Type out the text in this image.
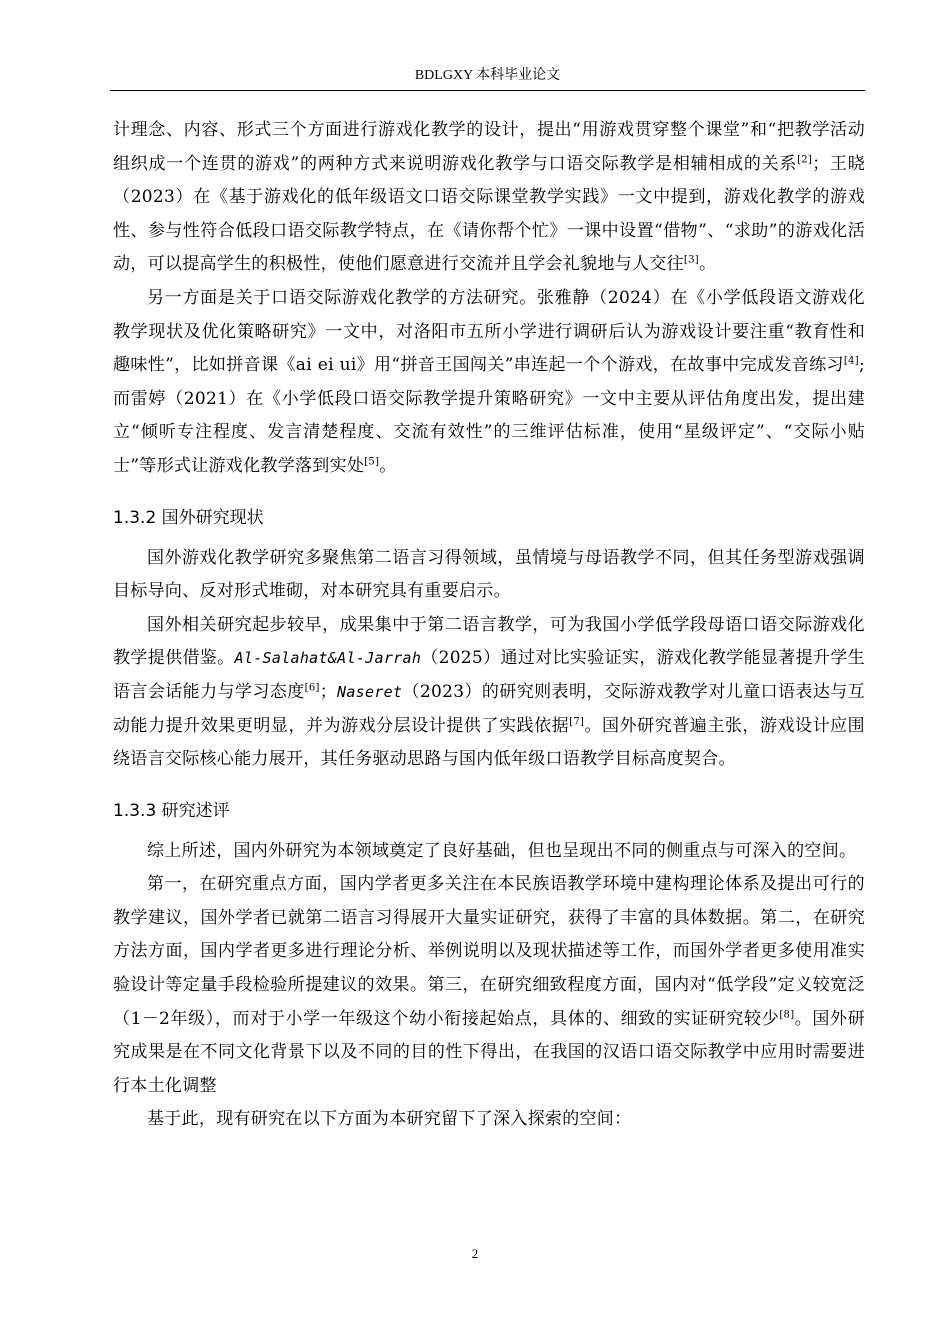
BDLGXY 本科毕业论文

计理念、内容、形式三个方面进行游戏化教学的设计，提出“用游戏贯穿整个课堂”和“把教学活动组织成一个连贯的游戏”的两种方式来说明游戏化教学与口语交际教学是相辅相成的关系[2]；王晓（2023）在《基于游戏化的低年级语文口语交际课堂教学实践》一文中提到，游戏化教学的游戏性、参与性符合低段口语交际教学特点，在《请你帮个忙》一课中设置“借物”、“求助”的游戏化活动，可以提高学生的积极性，使他们愿意进行交流并且学会礼貌地与人交往[3]。

另一方面是关于口语交际游戏化教学的方法研究。张雅静（2024）在《小学低段语文游戏化教学现状及优化策略研究》一文中，对洛阳市五所小学进行调研后认为游戏设计要注重“教育性和趣味性”，比如拼音课《ai ei ui》用“拼音王国闯关”串连起一个个游戏，在故事中完成发音练习[4];而雷婷（2021）在《小学低段口语交际教学提升策略研究》一文中主要从评估角度出发，提出建立“倾听专注程度、发言清楚程度、交流有效性”的三维评估标准，使用“星级评定”、“交际小贴士”等形式让游戏化教学落到实处[5]。

1.3.2 国外研究现状

国外游戏化教学研究多聚焦第二语言习得领域，虽情境与母语教学不同，但其任务型游戏强调目标导向、反对形式堆砌，对本研究具有重要启示。

国外相关研究起步较早，成果集中于第二语言教学，可为我国小学低学段母语口语交际游戏化教学提供借鉴。Al-Salahat&Al-Jarrah（2025）通过对比实验证实，游戏化教学能显著提升学生语言会话能力与学习态度[6]；Naseret（2023）的研究则表明，交际游戏教学对儿童口语表达与互动能力提升效果更明显，并为游戏分层设计提供了实践依据[7]。国外研究普遍主张，游戏设计应围绕语言交际核心能力展开，其任务驱动思路与国内低年级口语教学目标高度契合。

1.3.3 研究述评

综上所述，国内外研究为本领域奠定了良好基础，但也呈现出不同的侧重点与可深入的空间。

第一，在研究重点方面，国内学者更多关注在本民族语教学环境中建构理论体系及提出可行的教学建议，国外学者已就第二语言习得展开大量实证研究，获得了丰富的具体数据。第二，在研究方法方面，国内学者更多进行理论分析、举例说明以及现状描述等工作，而国外学者更多使用准实验设计等定量手段检验所提建议的效果。第三，在研究细致程度方面，国内对“低学段”定义较宽泛（1－2年级），而对于小学一年级这个幼小衔接起始点，具体的、细致的实证研究较少[8]。国外研究成果是在不同文化背景下以及不同的目的性下得出，在我国的汉语口语交际教学中应用时需要进行本土化调整

基于此，现有研究在以下方面为本研究留下了深入探索的空间：

2
